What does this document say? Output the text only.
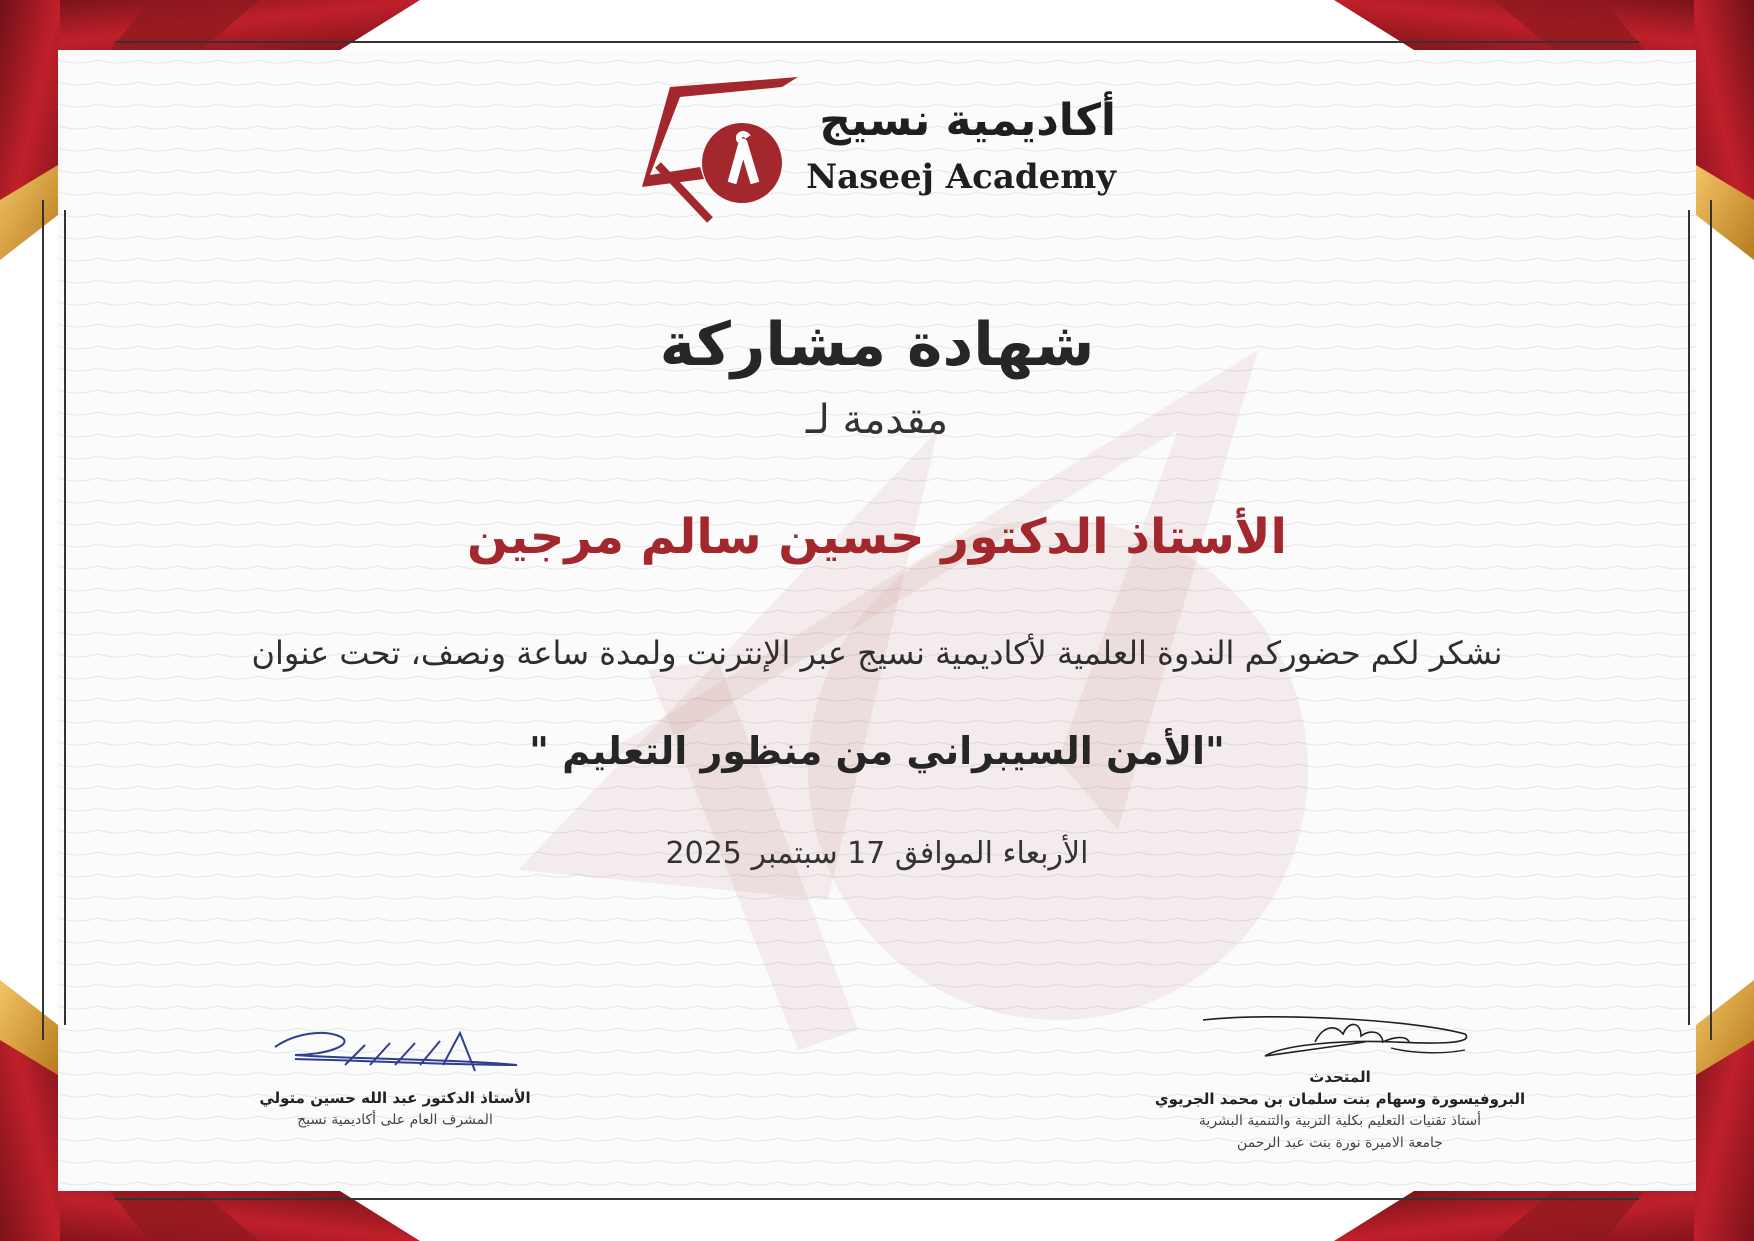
أكاديمية نسيج
Naseej Academy
شهادة مشاركة
مقدمة لـ
الأستاذ الدكتور حسين سالم مرجين
نشكر لكم حضوركم الندوة العلمية لأكاديمية نسيج عبر الإنترنت ولمدة ساعة ونصف، تحت عنوان
"الأمن السيبراني من منظور التعليم "
الأربعاء الموافق 17 سبتمبر 2025
الأستاذ الدكتور عبد الله حسين متولي
المشرف العام على أكاديمية نسيج
المتحدث
البروفيسورة وسهام بنت سلمان بن محمد الجريوي
أستاذ تقنيات التعليم بكلية التربية والتنمية البشرية
جامعة الاميرة نورة بنت عبد الرحمن
